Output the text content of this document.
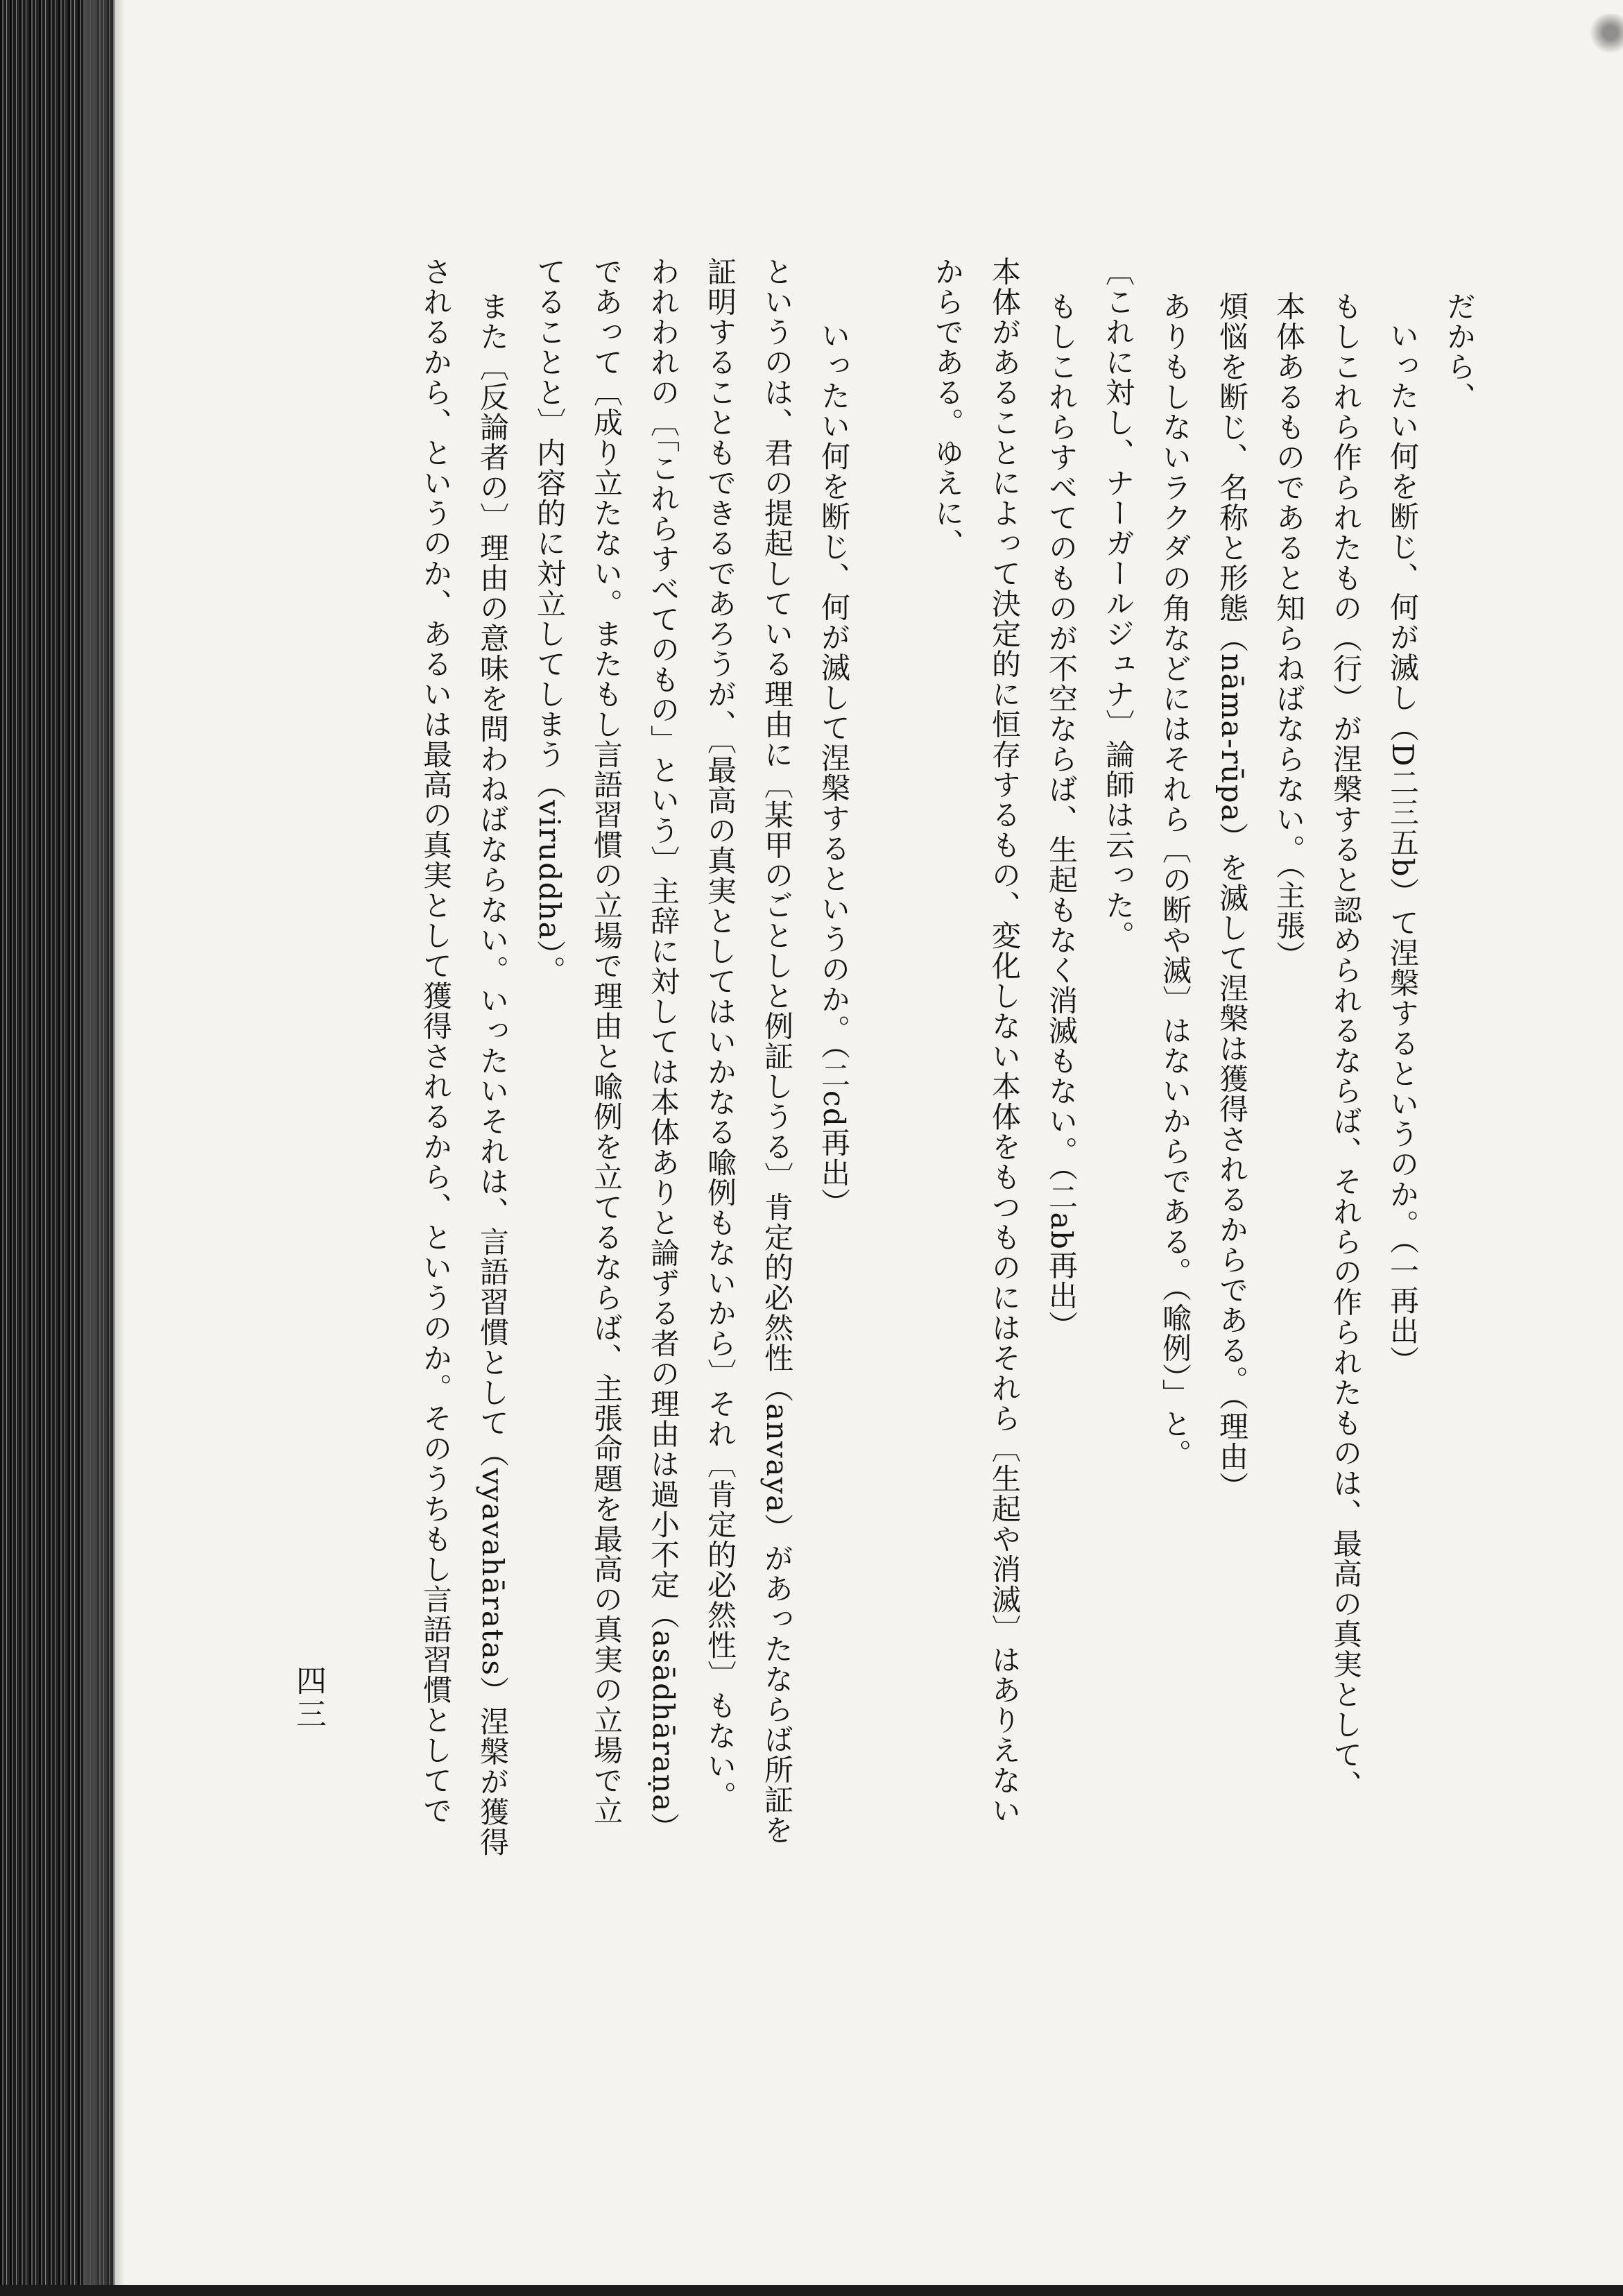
だから、
いったい何を断じ、何が滅し（D二三五b）て涅槃するというのか。（一再出）
もしこれら作られたもの（行）が涅槃すると認められるならば、それらの作られたものは、最高の真実として、
本体あるものであると知らねばならない。（主張）
煩悩を断じ、名称と形態（nāma-rūpa）を滅して涅槃は獲得されるからである。（理由）
ありもしないラクダの角などにはそれら〔の断や滅〕はないからである。（喩例）」と。
〔これに対し、ナーガールジュナ〕論師は云った。
もしこれらすべてのものが不空ならば、生起もなく消滅もない。（二ab再出）
本体があることによって決定的に恒存するもの、変化しない本体をもつものにはそれら〔生起や消滅〕はありえない
からである。ゆえに、
いったい何を断じ、何が滅して涅槃するというのか。（二cd再出）
というのは、君の提起している理由に〔某甲のごとしと例証しうる〕肯定的必然性（anvaya）があったならば所証を
証明することもできるであろうが、〔最高の真実としてはいかなる喩例もないから〕それ〔肯定的必然性〕もない。
われわれの〔「これらすべてのもの」という〕主辞に対しては本体ありと論ずる者の理由は過小不定（asādhāraṇa）
であって〔成り立たない。またもし言語習慣の立場で理由と喩例を立てるならば、主張命題を最高の真実の立場で立
てることと〕内容的に対立してしまう（viruddha）。
また〔反論者の〕理由の意味を問わねばならない。いったいそれは、言語習慣として（vyavahāratas）涅槃が獲得
されるから、というのか、あるいは最高の真実として獲得されるから、というのか。そのうちもし言語習慣としてで
四三
